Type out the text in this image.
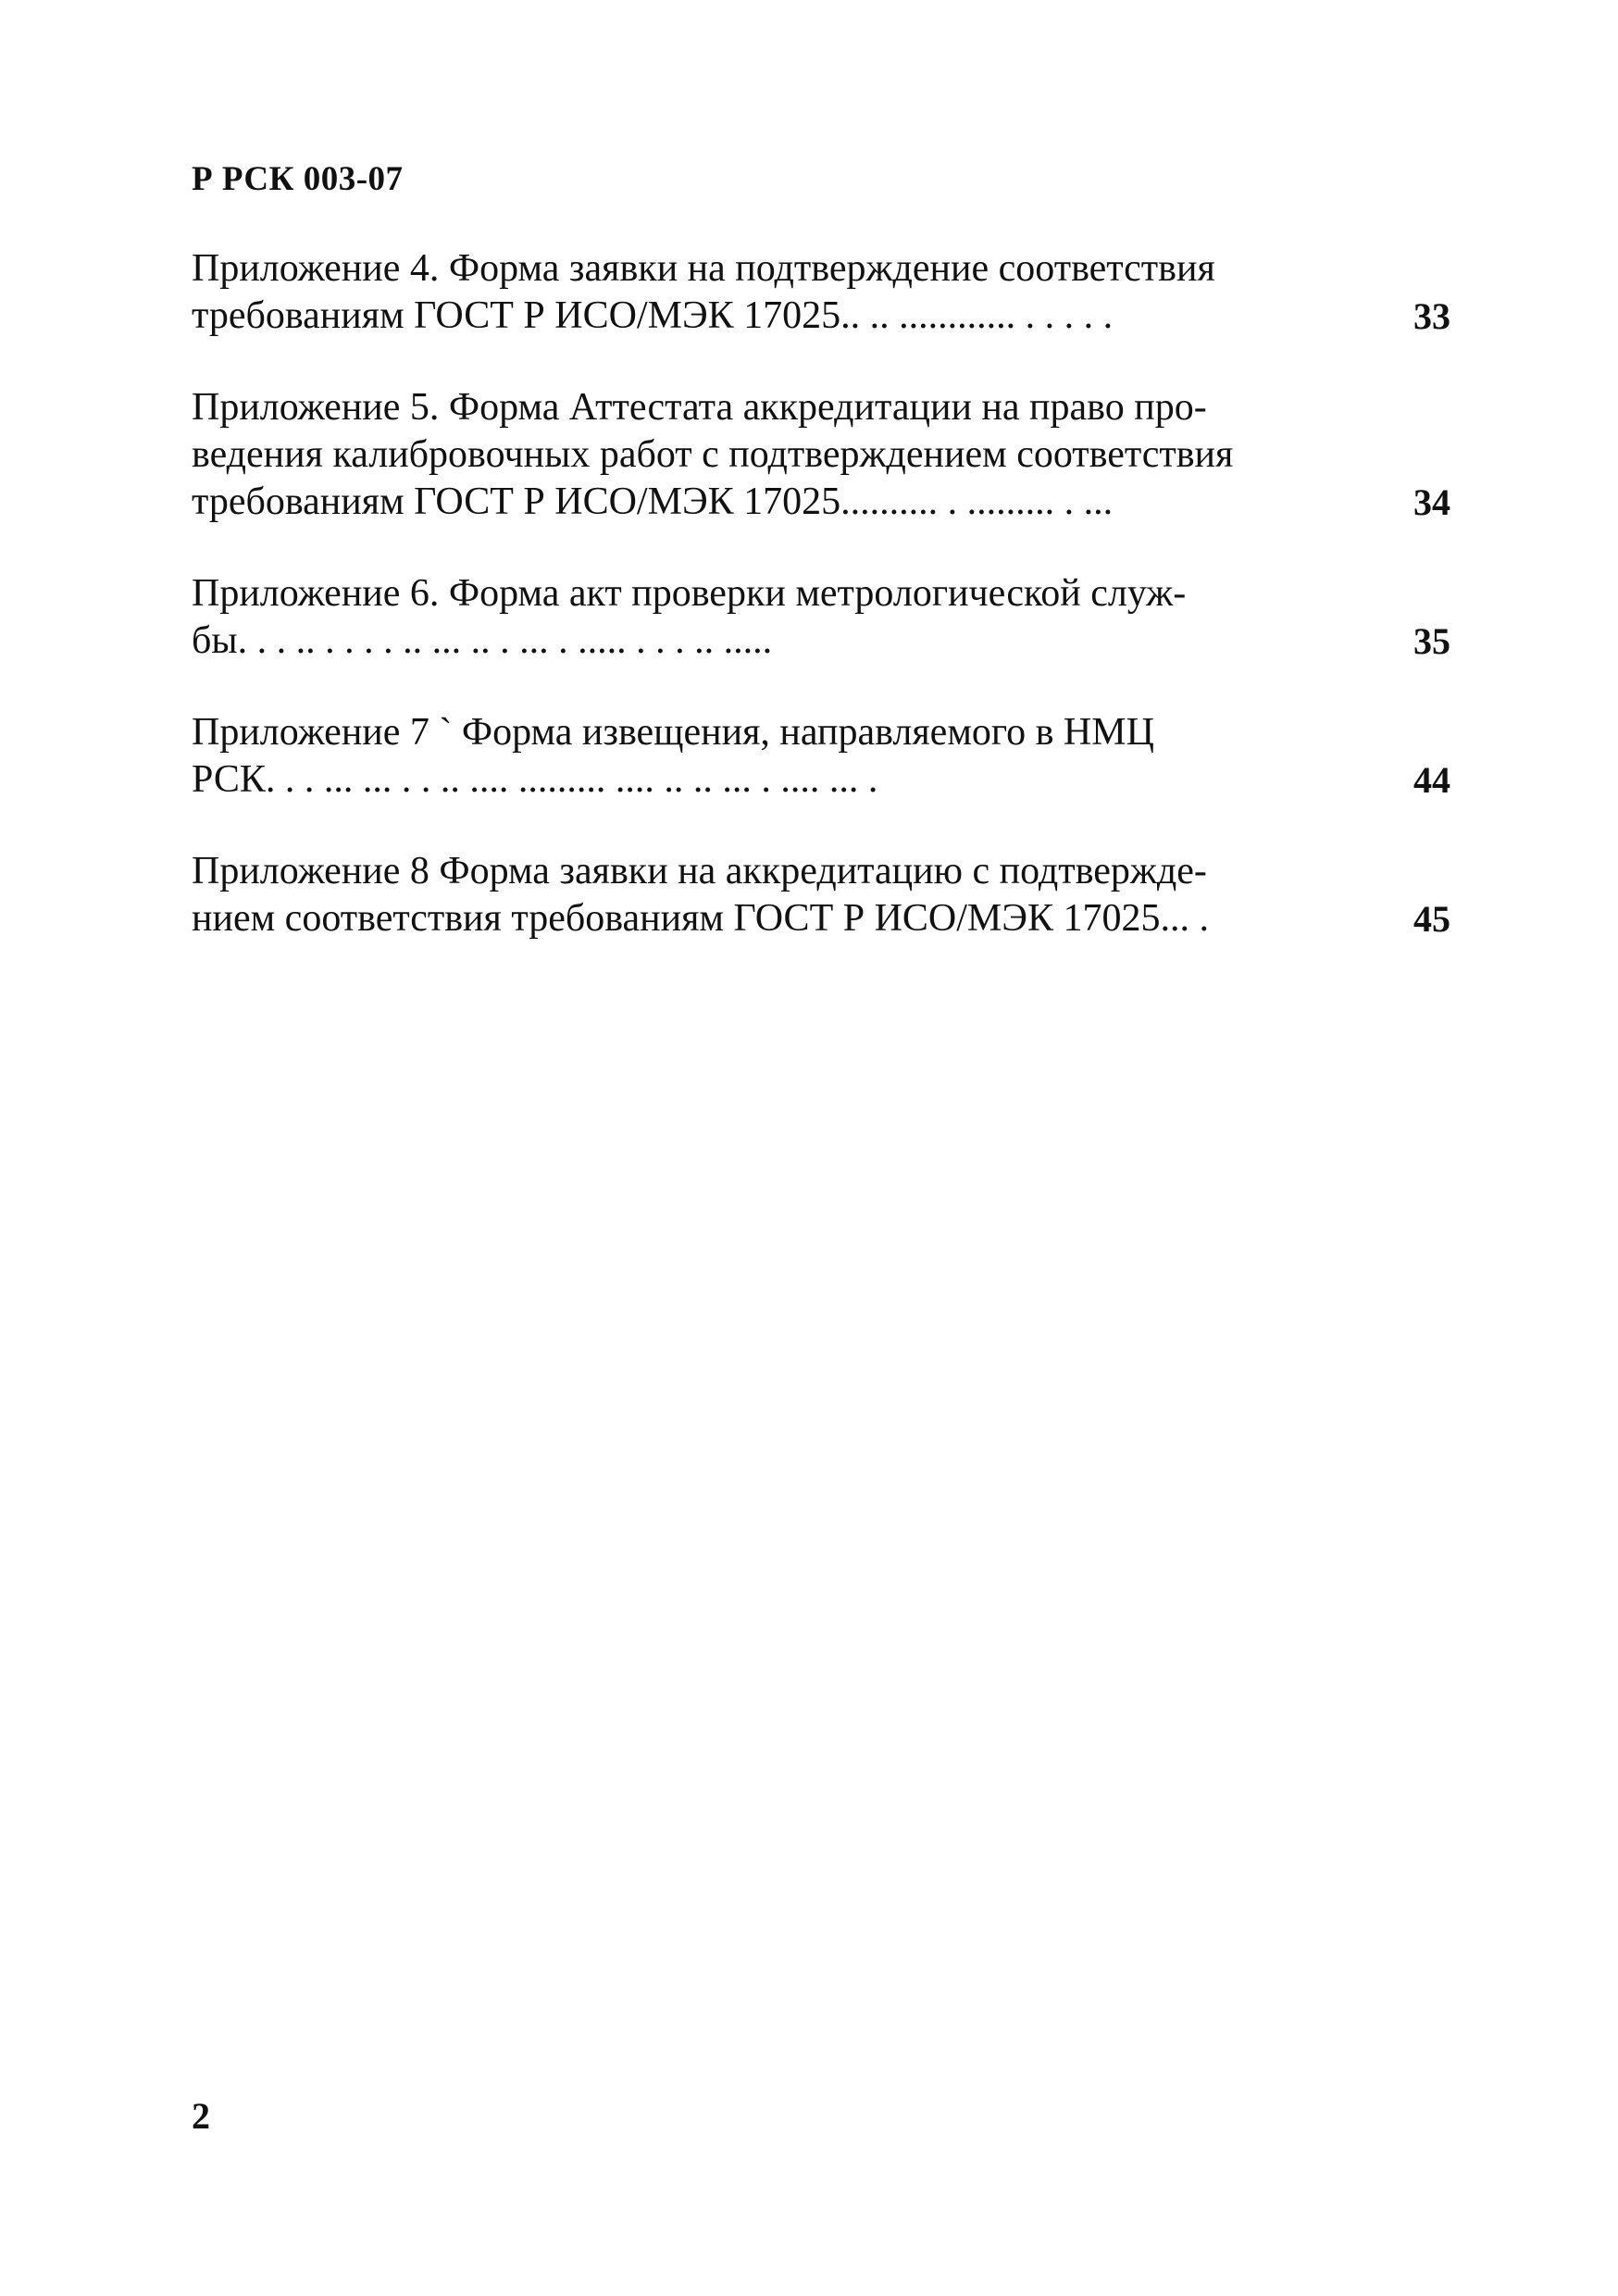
Р РСК 003-07
Приложение 4. Форма заявки на подтверждение соответствия
требованиям ГОСТ Р ИСО/МЭК 17025.. .. ............ . . . . .	33
Приложение 5. Форма Аттестата аккредитации на право про-
ведения калибровочных работ с подтверждением соответствия
требованиям ГОСТ Р ИСО/МЭК 17025.......... . ......... . ...	34
Приложение 6. Форма акт проверки метрологической служ-
бы. . . .. . . . . .. ... .. . ... . ..... . . . .. .....	35
Приложение 7 ` Форма извещения, направляемого в НМЦ
РСК. . . ... ... . . .. .... ......... .... .. .. ... . .... ... .	44
Приложение 8 Форма заявки на аккредитацию с подтвержде-
нием соответствия требованиям ГОСТ Р ИСО/МЭК 17025... .	45
2
